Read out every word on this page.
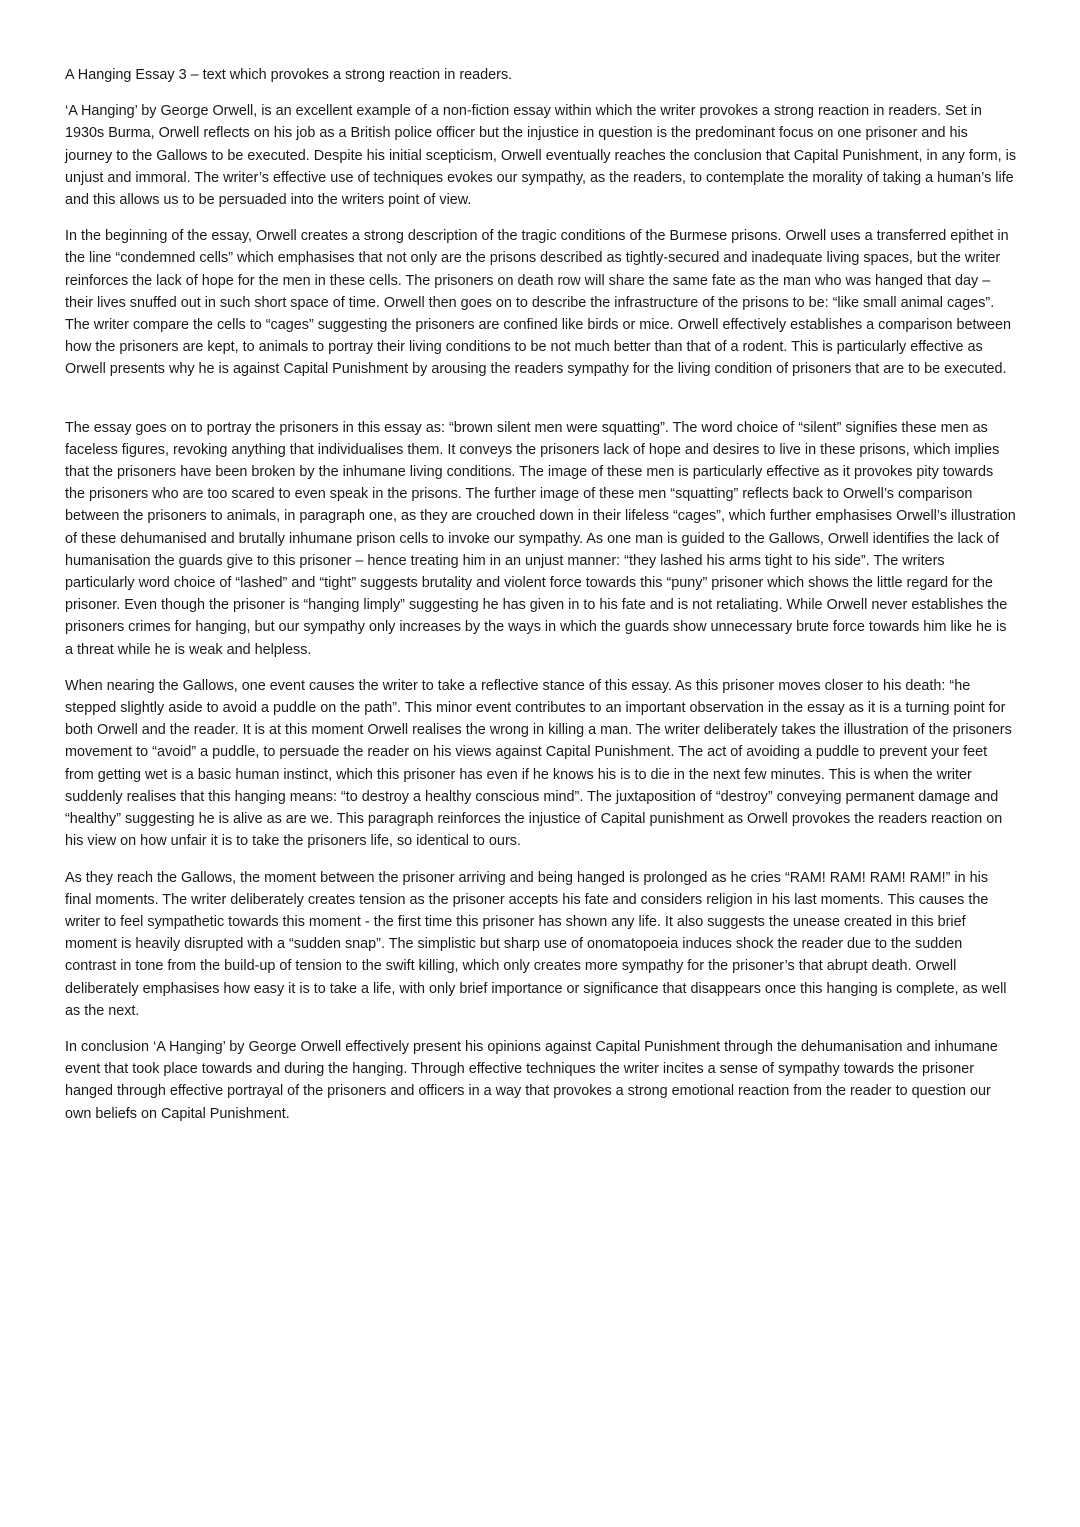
A Hanging Essay 3 – text which provokes a strong reaction in readers.

‘A Hanging’ by George Orwell, is an excellent example of a non-fiction essay within which the writer provokes a strong reaction in readers. Set in 1930s Burma, Orwell reflects on his job as a British police officer but the injustice in question is the predominant focus on one prisoner and his journey to the Gallows to be executed. Despite his initial scepticism, Orwell eventually reaches the conclusion that Capital Punishment, in any form, is unjust and immoral. The writer’s effective use of techniques evokes our sympathy, as the readers, to contemplate the morality of taking a human’s life and this allows us to be persuaded into the writers point of view.

In the beginning of the essay, Orwell creates a strong description of the tragic conditions of the Burmese prisons. Orwell uses a transferred epithet in the line “condemned cells” which emphasises that not only are the prisons described as tightly-secured and inadequate living spaces, but the writer reinforces the lack of hope for the men in these cells. The prisoners on death row will share the same fate as the man who was hanged that day – their lives snuffed out in such short space of time. Orwell then goes on to describe the infrastructure of the prisons to be: “like small animal cages”. The writer compare the cells to “cages” suggesting the prisoners are confined like birds or mice. Orwell effectively establishes a comparison between how the prisoners are kept, to animals to portray their living conditions to be not much better than that of a rodent. This is particularly effective as Orwell presents why he is against Capital Punishment by arousing the readers sympathy for the living condition of prisoners that are to be executed.

The essay goes on to portray the prisoners in this essay as: “brown silent men were squatting”. The word choice of “silent” signifies these men as faceless figures, revoking anything that individualises them. It conveys the prisoners lack of hope and desires to live in these prisons, which implies that the prisoners have been broken by the inhumane living conditions. The image of these men is particularly effective as it provokes pity towards the prisoners who are too scared to even speak in the prisons. The further image of these men “squatting” reflects back to Orwell’s comparison between the prisoners to animals, in paragraph one, as they are crouched down in their lifeless “cages”, which further emphasises Orwell’s illustration of these dehumanised and brutally inhumane prison cells to invoke our sympathy. As one man is guided to the Gallows, Orwell identifies the lack of humanisation the guards give to this prisoner – hence treating him in an unjust manner: “they lashed his arms tight to his side”. The writers particularly word choice of “lashed” and “tight” suggests brutality and violent force towards this “puny” prisoner which shows the little regard for the prisoner. Even though the prisoner is “hanging limply” suggesting he has given in to his fate and is not retaliating. While Orwell never establishes the prisoners crimes for hanging, but our sympathy only increases by the ways in which the guards show unnecessary brute force towards him like he is a threat while he is weak and helpless.

When nearing the Gallows, one event causes the writer to take a reflective stance of this essay. As this prisoner moves closer to his death: “he stepped slightly aside to avoid a puddle on the path”. This minor event contributes to an important observation in the essay as it is a turning point for both Orwell and the reader. It is at this moment Orwell realises the wrong in killing a man. The writer deliberately takes the illustration of the prisoners movement to “avoid” a puddle, to persuade the reader on his views against Capital Punishment. The act of avoiding a puddle to prevent your feet from getting wet is a basic human instinct, which this prisoner has even if he knows his is to die in the next few minutes. This is when the writer suddenly realises that this hanging means: “to destroy a healthy conscious mind”. The juxtaposition of “destroy” conveying permanent damage and “healthy” suggesting he is alive as are we. This paragraph reinforces the injustice of Capital punishment as Orwell provokes the readers reaction on his view on how unfair it is to take the prisoners life, so identical to ours.

As they reach the Gallows, the moment between the prisoner arriving and being hanged is prolonged as he cries “RAM! RAM! RAM! RAM!” in his final moments. The writer deliberately creates tension as the prisoner accepts his fate and considers religion in his last moments. This causes the writer to feel sympathetic towards this moment - the first time this prisoner has shown any life. It also suggests the unease created in this brief moment is heavily disrupted with a “sudden snap”. The simplistic but sharp use of onomatopoeia induces shock the reader due to the sudden contrast in tone from the build-up of tension to the swift killing, which only creates more sympathy for the prisoner’s that abrupt death. Orwell deliberately emphasises how easy it is to take a life, with only brief importance or significance that disappears once this hanging is complete, as well as the next.

In conclusion ‘A Hanging’ by George Orwell effectively present his opinions against Capital Punishment through the dehumanisation and inhumane event that took place towards and during the hanging. Through effective techniques the writer incites a sense of sympathy towards the prisoner hanged through effective portrayal of the prisoners and officers in a way that provokes a strong emotional reaction from the reader to question our own beliefs on Capital Punishment.
